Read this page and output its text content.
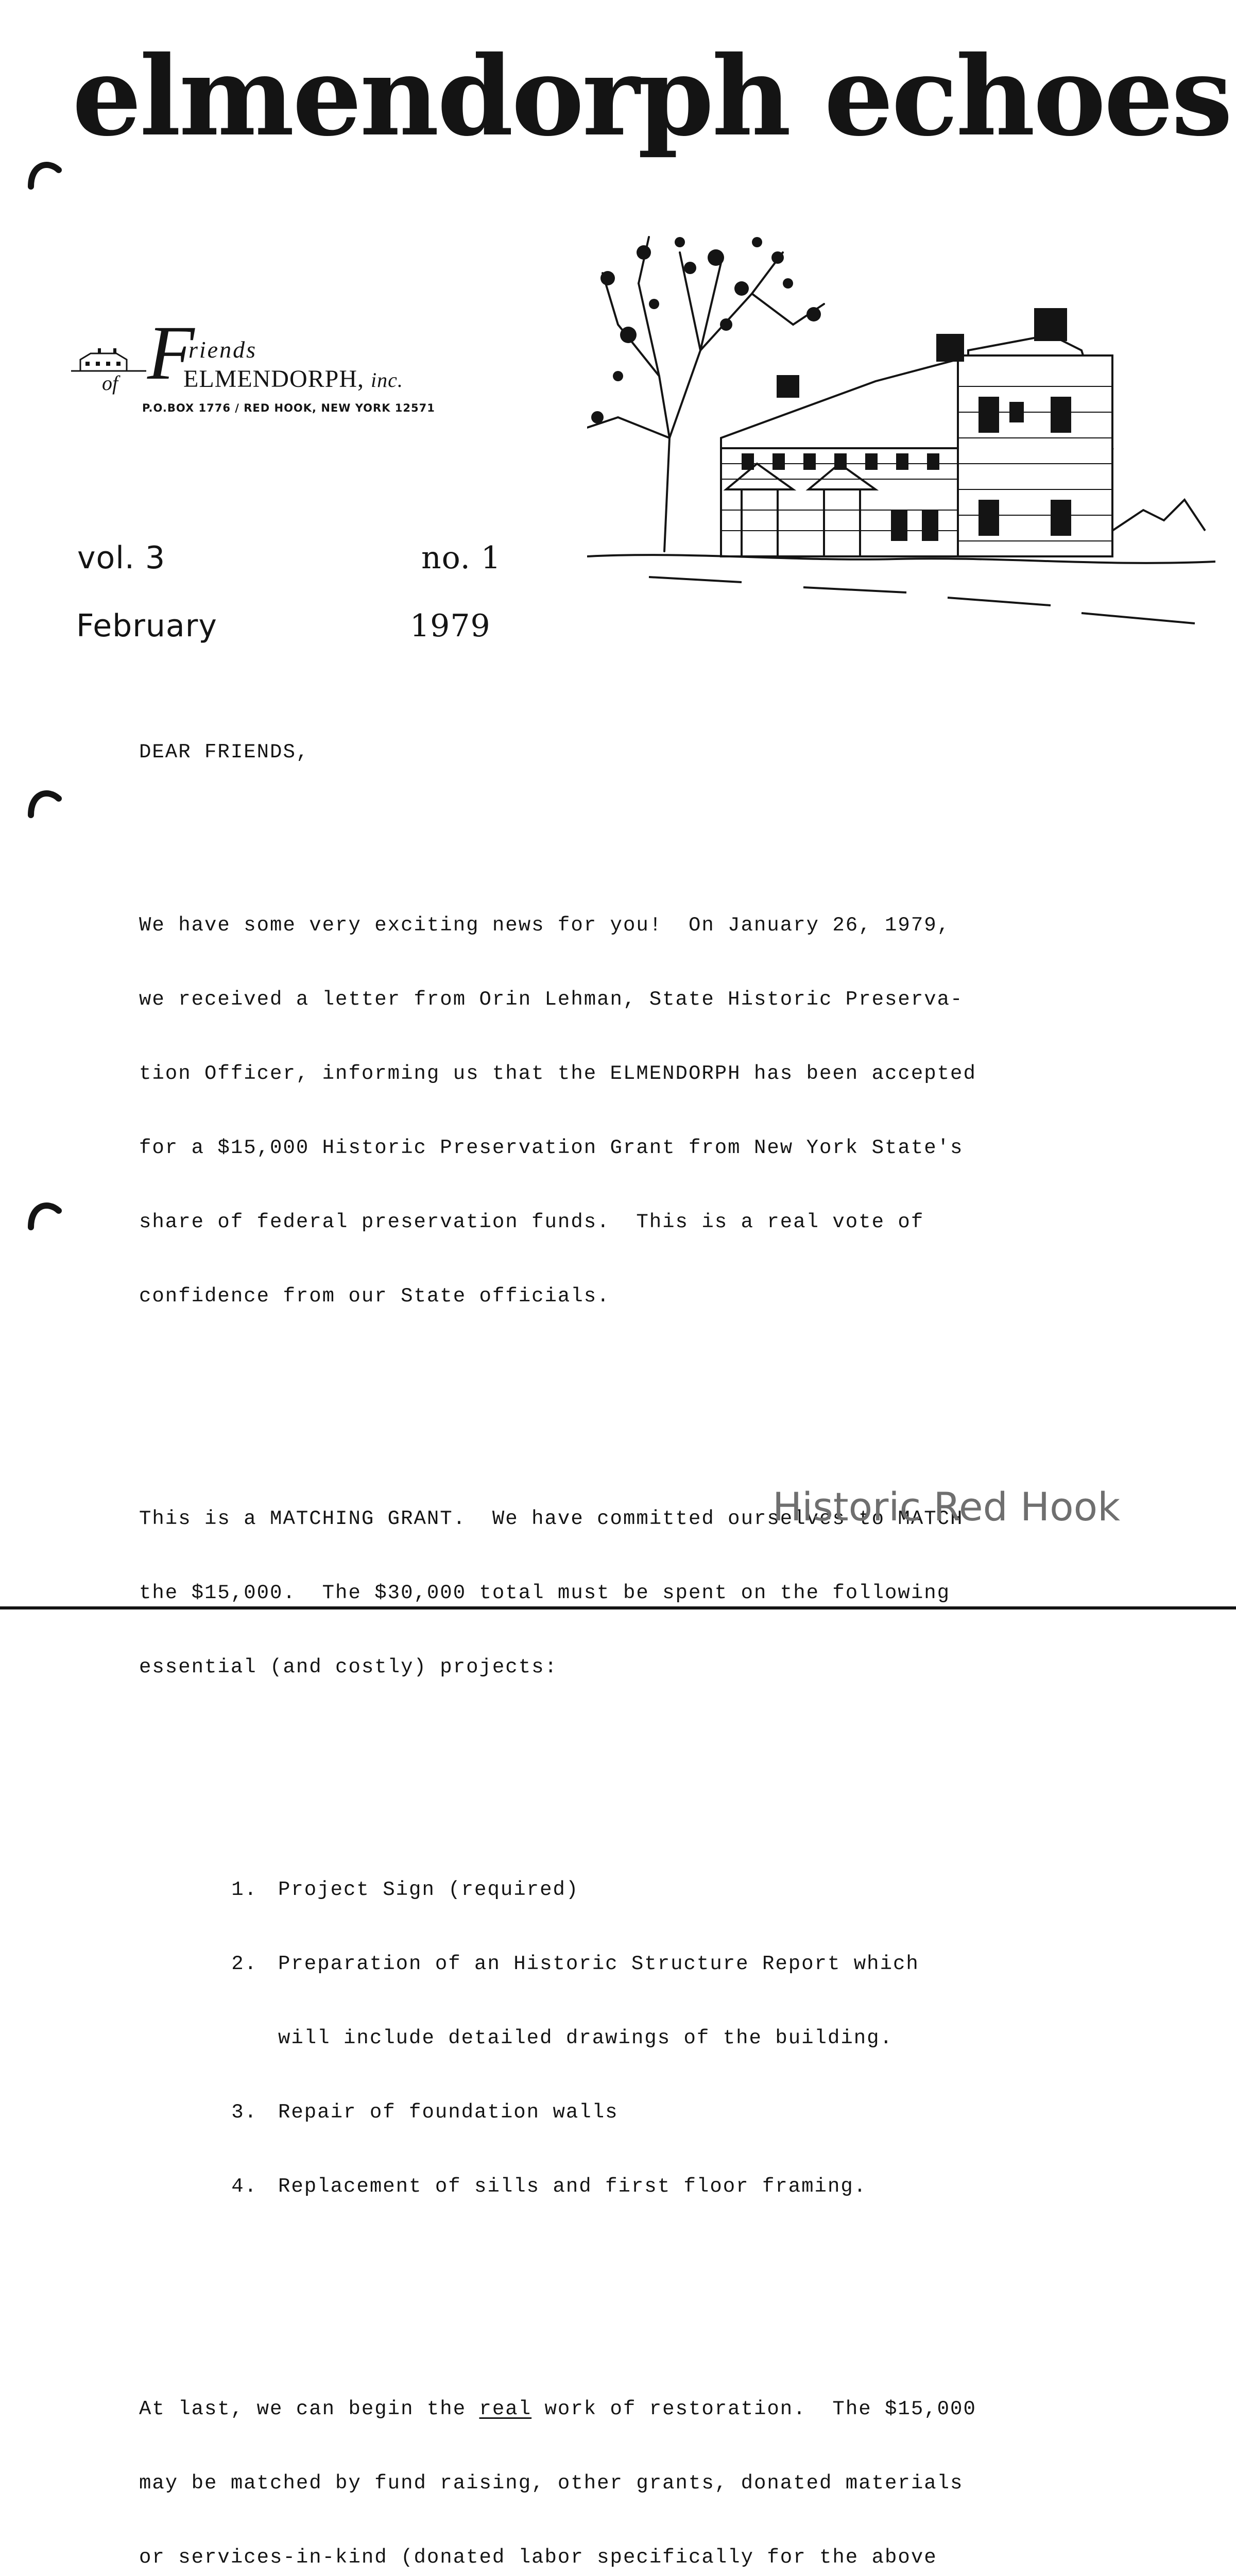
elmendorph echoes
F
riends
of	ELMENDORPH, inc.
P.O.BOX 1776 / RED HOOK, NEW YORK 12571
vol. 3	no. 1
February	1979

DEAR FRIENDS,

We have some very exciting news for you!  On January 26, 1979,

we received a letter from Orin Lehman, State Historic Preserva-

tion Officer, informing us that the ELMENDORPH has been accepted

for a $15,000 Historic Preservation Grant from New York State's

share of federal preservation funds.  This is a real vote of

confidence from our State officials.

This is a MATCHING GRANT.  We have committed ourselves to MATCH

the $15,000.  The $30,000 total must be spent on the following

essential (and costly) projects:

1.	Project Sign (required)

2.	Preparation of an Historic Structure Report which

will include detailed drawings of the building.

3.	Repair of foundation walls

4.	Replacement of sills and first floor framing.

At last, we can begin the real work of restoration.  The $15,000

may be matched by fund raising, other grants, donated materials

or services-in-kind (donated labor specifically for the above

Historic Red Hook
